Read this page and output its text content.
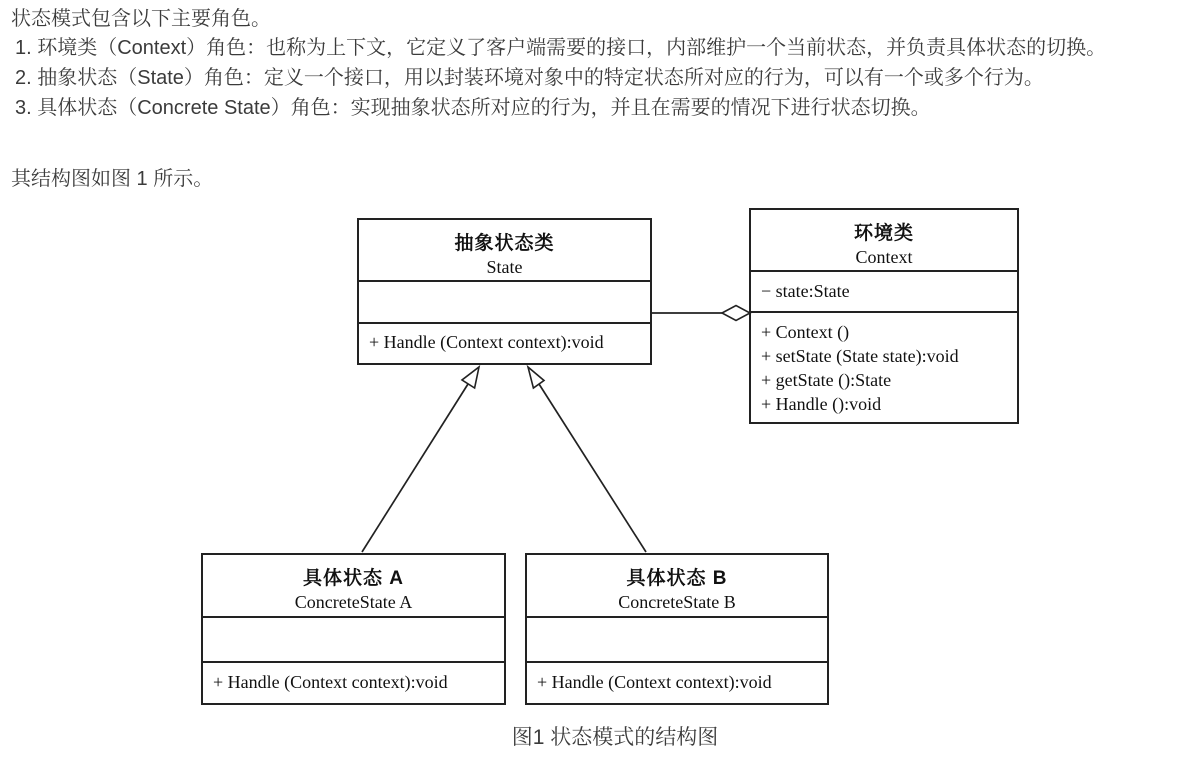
状态模式包含以下主要角色。
1. 环境类（Context）角色：也称为上下文，它定义了客户端需要的接口，内部维护一个当前状态，并负责具体状态的切换。
2. 抽象状态（State）角色：定义一个接口，用以封装环境对象中的特定状态所对应的行为，可以有一个或多个行为。
3. 具体状态（Concrete State）角色：实现抽象状态所对应的行为，并且在需要的情况下进行状态切换。
其结构图如图 1 所示。
抽象状态类
State
+ Handle (Context context):void
环境类
Context
− state:State
+ Context ()
+ setState (State state):void
+ getState ():State
+ Handle ():void
具体状态 A
ConcreteState A
+ Handle (Context context):void
具体状态 B
ConcreteState B
+ Handle (Context context):void
图1 状态模式的结构图
